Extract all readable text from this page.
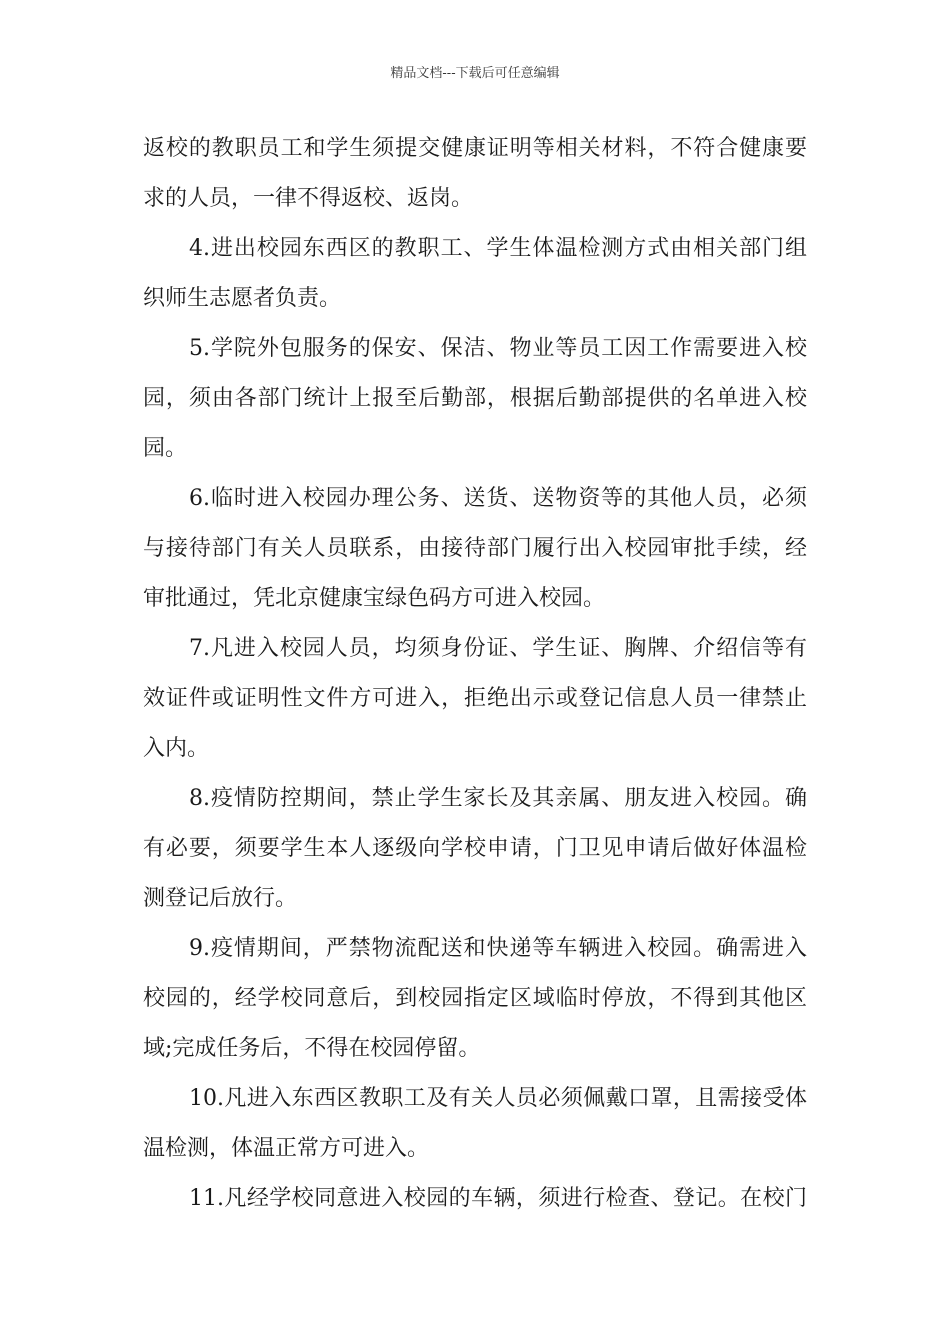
精品文档---下载后可任意编辑
返校的教职员工和学生须提交健康证明等相关材料，不符合健康要
求的人员，一律不得返校、返岗。
4.进出校园东西区的教职工、学生体温检测方式由相关部门组
织师生志愿者负责。
5.学院外包服务的保安、保洁、物业等员工因工作需要进入校
园，须由各部门统计上报至后勤部，根据后勤部提供的名单进入校
园。
6.临时进入校园办理公务、送货、送物资等的其他人员，必须
与接待部门有关人员联系，由接待部门履行出入校园审批手续，经
审批通过，凭北京健康宝绿色码方可进入校园。
7.凡进入校园人员，均须身份证、学生证、胸牌、介绍信等有
效证件或证明性文件方可进入，拒绝出示或登记信息人员一律禁止
入内。
8.疫情防控期间，禁止学生家长及其亲属、朋友进入校园。确
有必要，须要学生本人逐级向学校申请，门卫见申请后做好体温检
测登记后放行。
9.疫情期间，严禁物流配送和快递等车辆进入校园。确需进入
校园的，经学校同意后，到校园指定区域临时停放，不得到其他区
域;完成任务后，不得在校园停留。
10.凡进入东西区教职工及有关人员必须佩戴口罩，且需接受体
温检测，体温正常方可进入。
11.凡经学校同意进入校园的车辆，须进行检查、登记。在校门
